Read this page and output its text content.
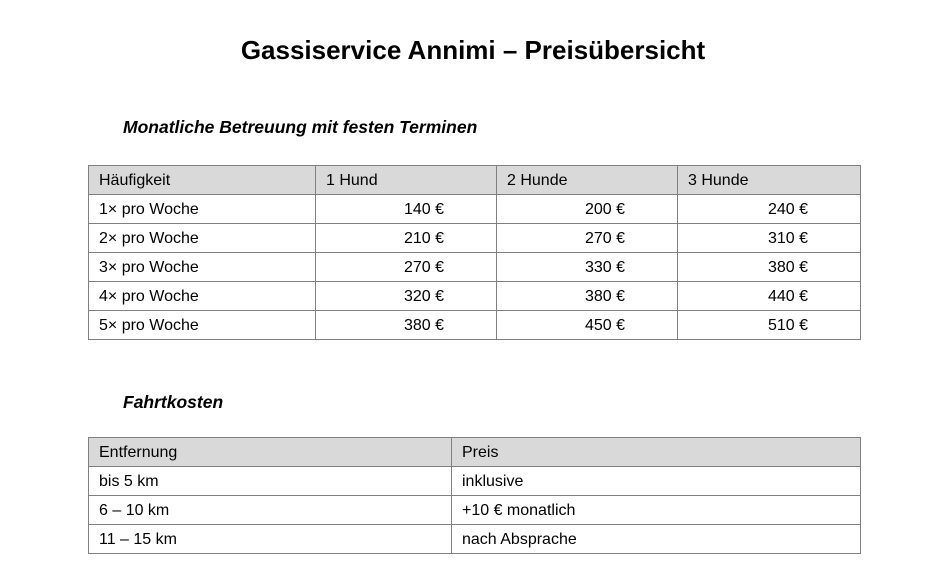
Gassiservice Annimi – Preisübersicht
Monatliche Betreuung mit festen Terminen
Häufigkeit	1 Hund	2 Hunde	3 Hunde
1× pro Woche	140 €	200 €	240 €
2× pro Woche	210 €	270 €	310 €
3× pro Woche	270 €	330 €	380 €
4× pro Woche	320 €	380 €	440 €
5× pro Woche	380 €	450 €	510 €
Fahrtkosten
Entfernung	Preis
bis 5 km	inklusive
6 – 10 km	+10 € monatlich
11 – 15 km	nach Absprache
